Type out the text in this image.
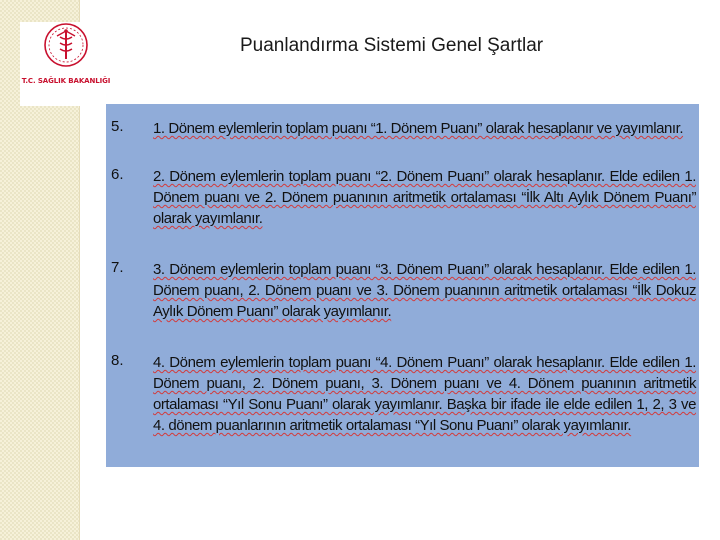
T.C. SAĞLIK BAKANLIĞI
Puanlandırma Sistemi Genel Şartlar
5. 1. Dönem eylemlerin toplam puanı “1. Dönem Puanı” olarak hesaplanır ve yayımlanır.
6. 2. Dönem eylemlerin toplam puanı “2. Dönem Puanı” olarak hesaplanır. Elde edilen 1. Dönem puanı ve 2. Dönem puanının aritmetik ortalaması “İlk Altı Aylık Dönem Puanı” olarak yayımlanır.
7. 3. Dönem eylemlerin toplam puanı “3. Dönem Puanı” olarak hesaplanır. Elde edilen 1. Dönem puanı, 2. Dönem puanı ve 3. Dönem puanının aritmetik ortalaması “İlk Dokuz Aylık Dönem Puanı” olarak yayımlanır.
8. 4. Dönem eylemlerin toplam puanı “4. Dönem Puanı” olarak hesaplanır. Elde edilen 1. Dönem puanı, 2. Dönem puanı, 3. Dönem puanı ve 4. Dönem puanının aritmetik ortalaması “Yıl Sonu Puanı” olarak yayımlanır. Başka bir ifade ile elde edilen 1, 2, 3 ve 4. dönem puanlarının aritmetik ortalaması “Yıl Sonu Puanı” olarak yayımlanır.
